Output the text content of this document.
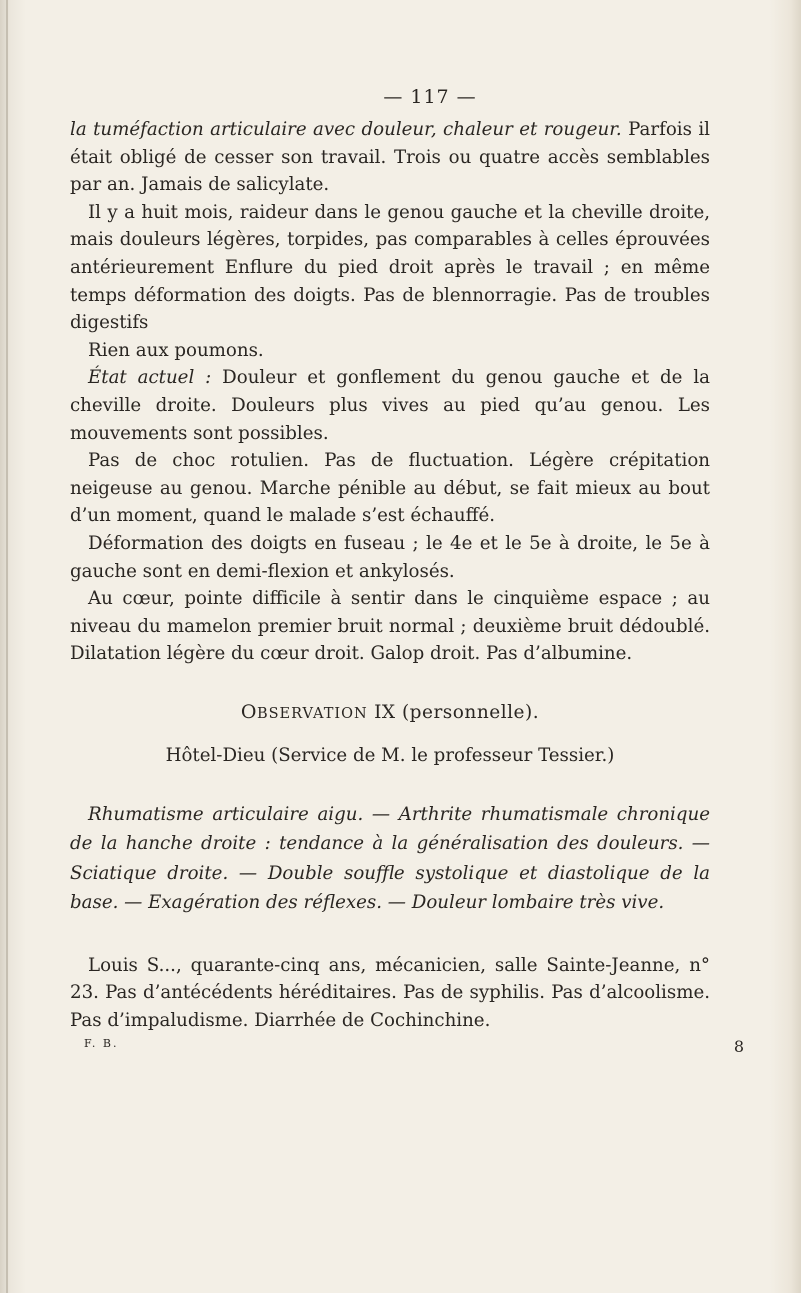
— 117 —

la tuméfaction articulaire avec douleur, chaleur et rougeur. Parfois il était obligé de cesser son travail. Trois ou quatre accès semblables par an. Jamais de salicylate.

Il y a huit mois, raideur dans le genou gauche et la cheville droite, mais douleurs légères, torpides, pas comparables à celles éprouvées antérieurement Enflure du pied droit après le travail ; en même temps déformation des doigts. Pas de blennorragie. Pas de troubles digestifs

Rien aux poumons.

État actuel : Douleur et gonflement du genou gauche et de la cheville droite. Douleurs plus vives au pied qu’au genou. Les mouvements sont possibles.

Pas de choc rotulien. Pas de fluctuation. Légère crépitation neigeuse au genou. Marche pénible au début, se fait mieux au bout d’un moment, quand le malade s’est échauffé.

Déformation des doigts en fuseau ; le 4e et le 5e à droite, le 5e à gauche sont en demi-flexion et ankylosés.

Au cœur, pointe difficile à sentir dans le cinquième espace ; au niveau du mamelon premier bruit normal ; deuxième bruit dédoublé. Dilatation légère du cœur droit. Galop droit. Pas d’albumine.

OBSERVATION IX (personnelle).
Hôtel-Dieu (Service de M. le professeur Tessier.)

Rhumatisme articulaire aigu. — Arthrite rhumatismale chronique de la hanche droite : tendance à la généralisation des douleurs. — Sciatique droite. — Double souffle systolique et diastolique de la base. — Exagération des réflexes. — Douleur lombaire très vive.

Louis S..., quarante-cinq ans, mécanicien, salle Sainte-Jeanne, n° 23. Pas d’antécédents héréditaires. Pas de syphilis. Pas d’alcoolisme. Pas d’impaludisme. Diarrhée de Cochinchine.

F. B.	8
